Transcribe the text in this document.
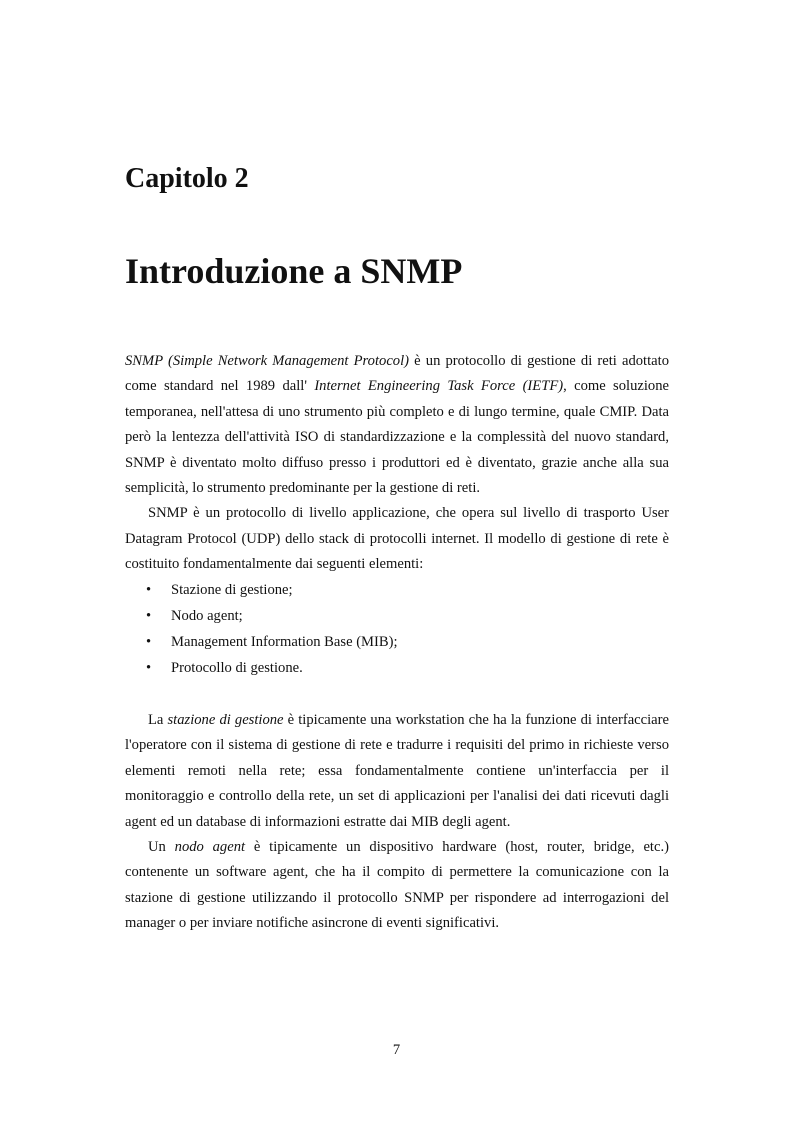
Capitolo 2
Introduzione a SNMP

SNMP (Simple Network Management Protocol) è un protocollo di gestione di reti adottato come standard nel 1989 dall' Internet Engineering Task Force (IETF), come soluzione temporanea, nell'attesa di uno strumento più completo e di lungo termine, quale CMIP. Data però la lentezza dell'attività ISO di standardizzazione e la complessità del nuovo standard, SNMP è diventato molto diffuso presso i produttori ed è diventato, grazie anche alla sua semplicità, lo strumento predominante per la gestione di reti.

SNMP è un protocollo di livello applicazione, che opera sul livello di trasporto User Datagram Protocol (UDP) dello stack di protocolli internet. Il modello di gestione di rete è costituito fondamentalmente dai seguenti elementi:

• Stazione di gestione;
• Nodo agent;
• Management Information Base (MIB);
• Protocollo di gestione.

La stazione di gestione è tipicamente una workstation che ha la funzione di interfacciare l'operatore con il sistema di gestione di rete e tradurre i requisiti del primo in richieste verso elementi remoti nella rete; essa fondamentalmente contiene un'interfaccia per il monitoraggio e controllo della rete, un set di applicazioni per l'analisi dei dati ricevuti dagli agent ed un database di informazioni estratte dai MIB degli agent.

Un nodo agent è tipicamente un dispositivo hardware (host, router, bridge, etc.) contenente un software agent, che ha il compito di permettere la comunicazione con la stazione di gestione utilizzando il protocollo SNMP per rispondere ad interrogazioni del manager o per inviare notifiche asincrone di eventi significativi.

7
